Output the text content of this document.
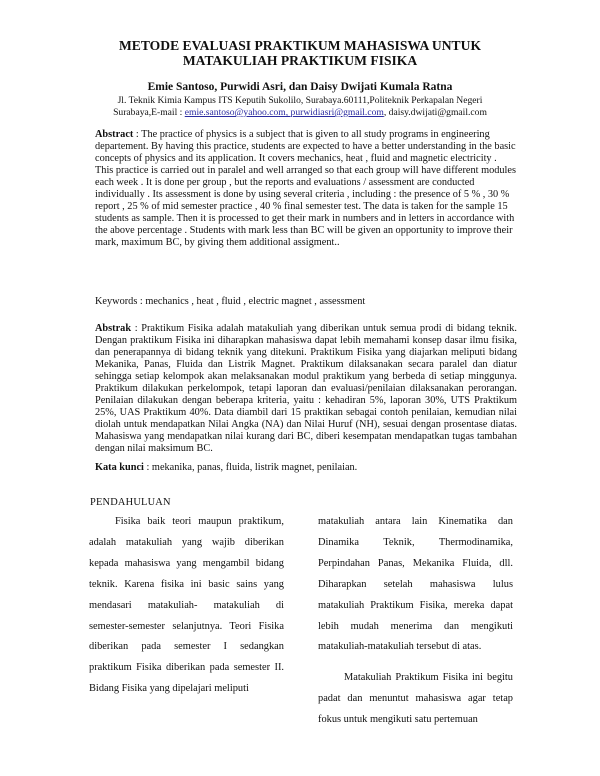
METODE EVALUASI PRAKTIKUM MAHASISWA UNTUK
MATAKULIAH PRAKTIKUM FISIKA
Emie Santoso, Purwidi Asri, dan Daisy Dwijati Kumala Ratna
Jl. Teknik Kimia Kampus ITS Keputih Sukolilo, Surabaya.60111,Politeknik Perkapalan Negeri
Surabaya,E-mail : emie.santoso@yahoo.com, purwidiasri@gmail.com, daisy.dwijati@gmail.com
Abstract : The practice of physics is a subject that is given to all study programs in engineering departement. By having this practice, students are expected to have a better understanding in the basic concepts of physics and its application. It covers mechanics, heat , fluid and magnetic electricity . This practice is carried out in paralel and well arranged so that each group will have different modules each week . It is done per group , but the reports and evaluations / assessment are conducted individually . Its assessment is done by using several criteria , including : the presence of 5 % , 30 % report , 25 % of mid semester practice , 40 % final semester test. The data is taken for the sample 15 students as sample. Then it is processed to get their mark in numbers and in letters in accordance with the above percentage . Students with mark less than BC will be given an opportunity to improve their mark, maximum BC, by giving them additional assigment..
Keywords : mechanics , heat , fluid , electric magnet , assessment
Abstrak : Praktikum Fisika adalah matakuliah yang diberikan untuk semua prodi di bidang teknik. Dengan praktikum Fisika ini diharapkan mahasiswa dapat lebih memahami konsep dasar ilmu fisika, dan penerapannya di bidang teknik yang ditekuni. Praktikum Fisika yang diajarkan meliputi bidang Mekanika, Panas, Fluida dan Listrik Magnet. Praktikum dilaksanakan secara paralel dan diatur sehingga setiap kelompok akan melaksanakan modul praktikum yang berbeda di setiap minggunya. Praktikum dilakukan perkelompok, tetapi laporan dan evaluasi/penilaian dilaksanakan perorangan. Penilaian dilakukan dengan beberapa kriteria, yaitu : kehadiran 5%, laporan 30%, UTS Praktikum 25%, UAS Praktikum 40%. Data diambil dari 15 praktikan sebagai contoh penilaian, kemudian nilai diolah untuk mendapatkan Nilai Angka (NA) dan Nilai Huruf (NH), sesuai dengan prosentase diatas. Mahasiswa yang mendapatkan nilai kurang dari BC, diberi kesempatan mendapatkan tugas tambahan dengan nilai maksimum BC.
Kata kunci : mekanika, panas, fluida, listrik magnet, penilaian.
PENDAHULUAN

Fisika baik teori maupun praktikum, adalah matakuliah yang wajib diberikan kepada mahasiswa yang mengambil bidang teknik. Karena fisika ini basic sains yang mendasari matakuliah- matakuliah di semester-semester selanjutnya. Teori Fisika diberikan pada semester I sedangkan praktikum Fisika diberikan pada semester II. Bidang Fisika yang dipelajari meliputi

matakuliah antara lain Kinematika dan Dinamika Teknik, Thermodinamika, Perpindahan Panas, Mekanika Fluida, dll. Diharapkan setelah mahasiswa lulus matakuliah Praktikum Fisika, mereka dapat lebih mudah menerima dan mengikuti matakuliah-matakuliah tersebut di atas.

Matakuliah Praktikum Fisika ini begitu padat dan menuntut mahasiswa agar tetap fokus untuk mengikuti satu pertemuan
